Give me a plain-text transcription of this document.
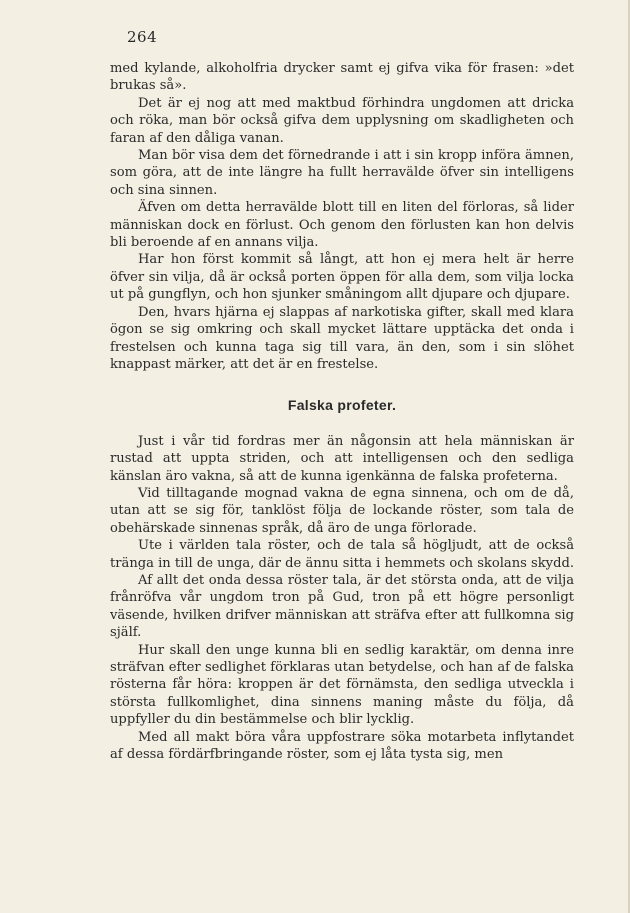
264

med kylande, alkoholfria drycker samt ej gifva vika för frasen: »det brukas så».

Det är ej nog att med maktbud förhindra ungdomen att dricka och röka, man bör också gifva dem upplysning om skadligheten och faran af den dåliga vanan.

Man bör visa dem det förnedrande i att i sin kropp införa ämnen, som göra, att de inte längre ha fullt herravälde öfver sin intelligens och sina sinnen.

Äfven om detta herravälde blott till en liten del förloras, så lider människan dock en förlust. Och genom den förlusten kan hon delvis bli beroende af en annans vilja.

Har hon först kommit så långt, att hon ej mera helt är herre öfver sin vilja, då är också porten öppen för alla dem, som vilja locka ut på gungflyn, och hon sjunker småningom allt djupare och djupare.

Den, hvars hjärna ej slappas af narkotiska gifter, skall med klara ögon se sig omkring och skall mycket lättare upptäcka det onda i frestelsen och kunna taga sig till vara, än den, som i sin slöhet knappast märker, att det är en frestelse.

Falska profeter.

Just i vår tid fordras mer än någonsin att hela människan är rustad att uppta striden, och att intelligensen och den sedliga känslan äro vakna, så att de kunna igenkänna de falska profeterna.

Vid tilltagande mognad vakna de egna sinnena, och om de då, utan att se sig för, tanklöst följa de lockande röster, som tala de obehärskade sinnenas språk, då äro de unga förlorade.

Ute i världen tala röster, och de tala så högljudt, att de också tränga in till de unga, där de ännu sitta i hemmets och skolans skydd.

Af allt det onda dessa röster tala, är det största onda, att de vilja frånröfva vår ungdom tron på Gud, tron på ett högre personligt väsende, hvilken drifver människan att sträfva efter att fullkomna sig själf.

Hur skall den unge kunna bli en sedlig karaktär, om denna inre sträfvan efter sedlighet förklaras utan betydelse, och han af de falska rösterna får höra: kroppen är det förnämsta, den sedliga utveckla i största fullkomlighet, dina sinnens maning måste du följa, då uppfyller du din bestämmelse och blir lycklig.

Med all makt böra våra uppfostrare söka motarbeta inflytandet af dessa fördärfbringande röster, som ej låta tysta sig, men
